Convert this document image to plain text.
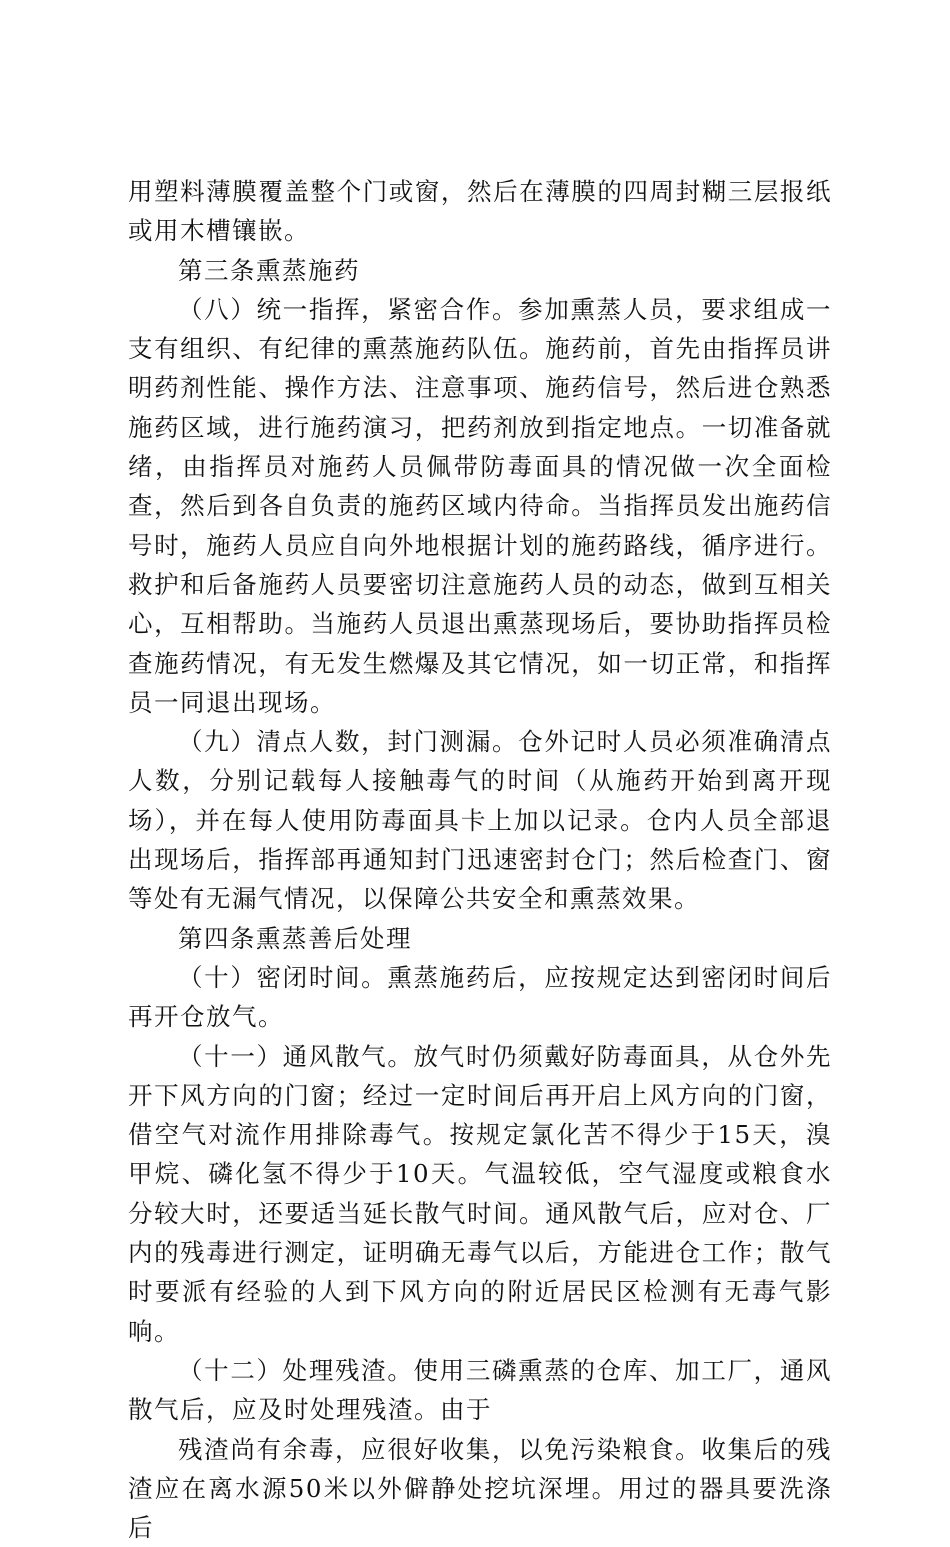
用塑料薄膜覆盖整个门或窗，然后在薄膜的四周封糊三层报纸或用木槽镶嵌。

第三条熏蒸施药

（八）统一指挥，紧密合作。参加熏蒸人员，要求组成一支有组织、有纪律的熏蒸施药队伍。施药前，首先由指挥员讲明药剂性能、操作方法、注意事项、施药信号，然后进仓熟悉施药区域，进行施药演习，把药剂放到指定地点。一切准备就绪，由指挥员对施药人员佩带防毒面具的情况做一次全面检查，然后到各自负责的施药区域内待命。当指挥员发出施药信号时，施药人员应自向外地根据计划的施药路线，循序进行。救护和后备施药人员要密切注意施药人员的动态，做到互相关心，互相帮助。当施药人员退出熏蒸现场后，要协助指挥员检查施药情况，有无发生燃爆及其它情况，如一切正常，和指挥员一同退出现场。

（九）清点人数，封门测漏。仓外记时人员必须准确清点人数，分别记载每人接触毒气的时间（从施药开始到离开现场），并在每人使用防毒面具卡上加以记录。仓内人员全部退出现场后，指挥部再通知封门迅速密封仓门；然后检查门、窗等处有无漏气情况，以保障公共安全和熏蒸效果。

第四条熏蒸善后处理

（十）密闭时间。熏蒸施药后，应按规定达到密闭时间后再开仓放气。

（十一）通风散气。放气时仍须戴好防毒面具，从仓外先开下风方向的门窗；经过一定时间后再开启上风方向的门窗，借空气对流作用排除毒气。按规定氯化苦不得少于15天，溴甲烷、磷化氢不得少于10天。气温较低，空气湿度或粮食水分较大时，还要适当延长散气时间。通风散气后，应对仓、厂内的残毒进行测定，证明确无毒气以后，方能进仓工作；散气时要派有经验的人到下风方向的附近居民区检测有无毒气影响。

（十二）处理残渣。使用三磷熏蒸的仓库、加工厂，通风散气后，应及时处理残渣。由于

残渣尚有余毒，应很好收集，以免污染粮食。收集后的残渣应在离水源50米以外僻静处挖坑深埋。用过的器具要洗涤后
